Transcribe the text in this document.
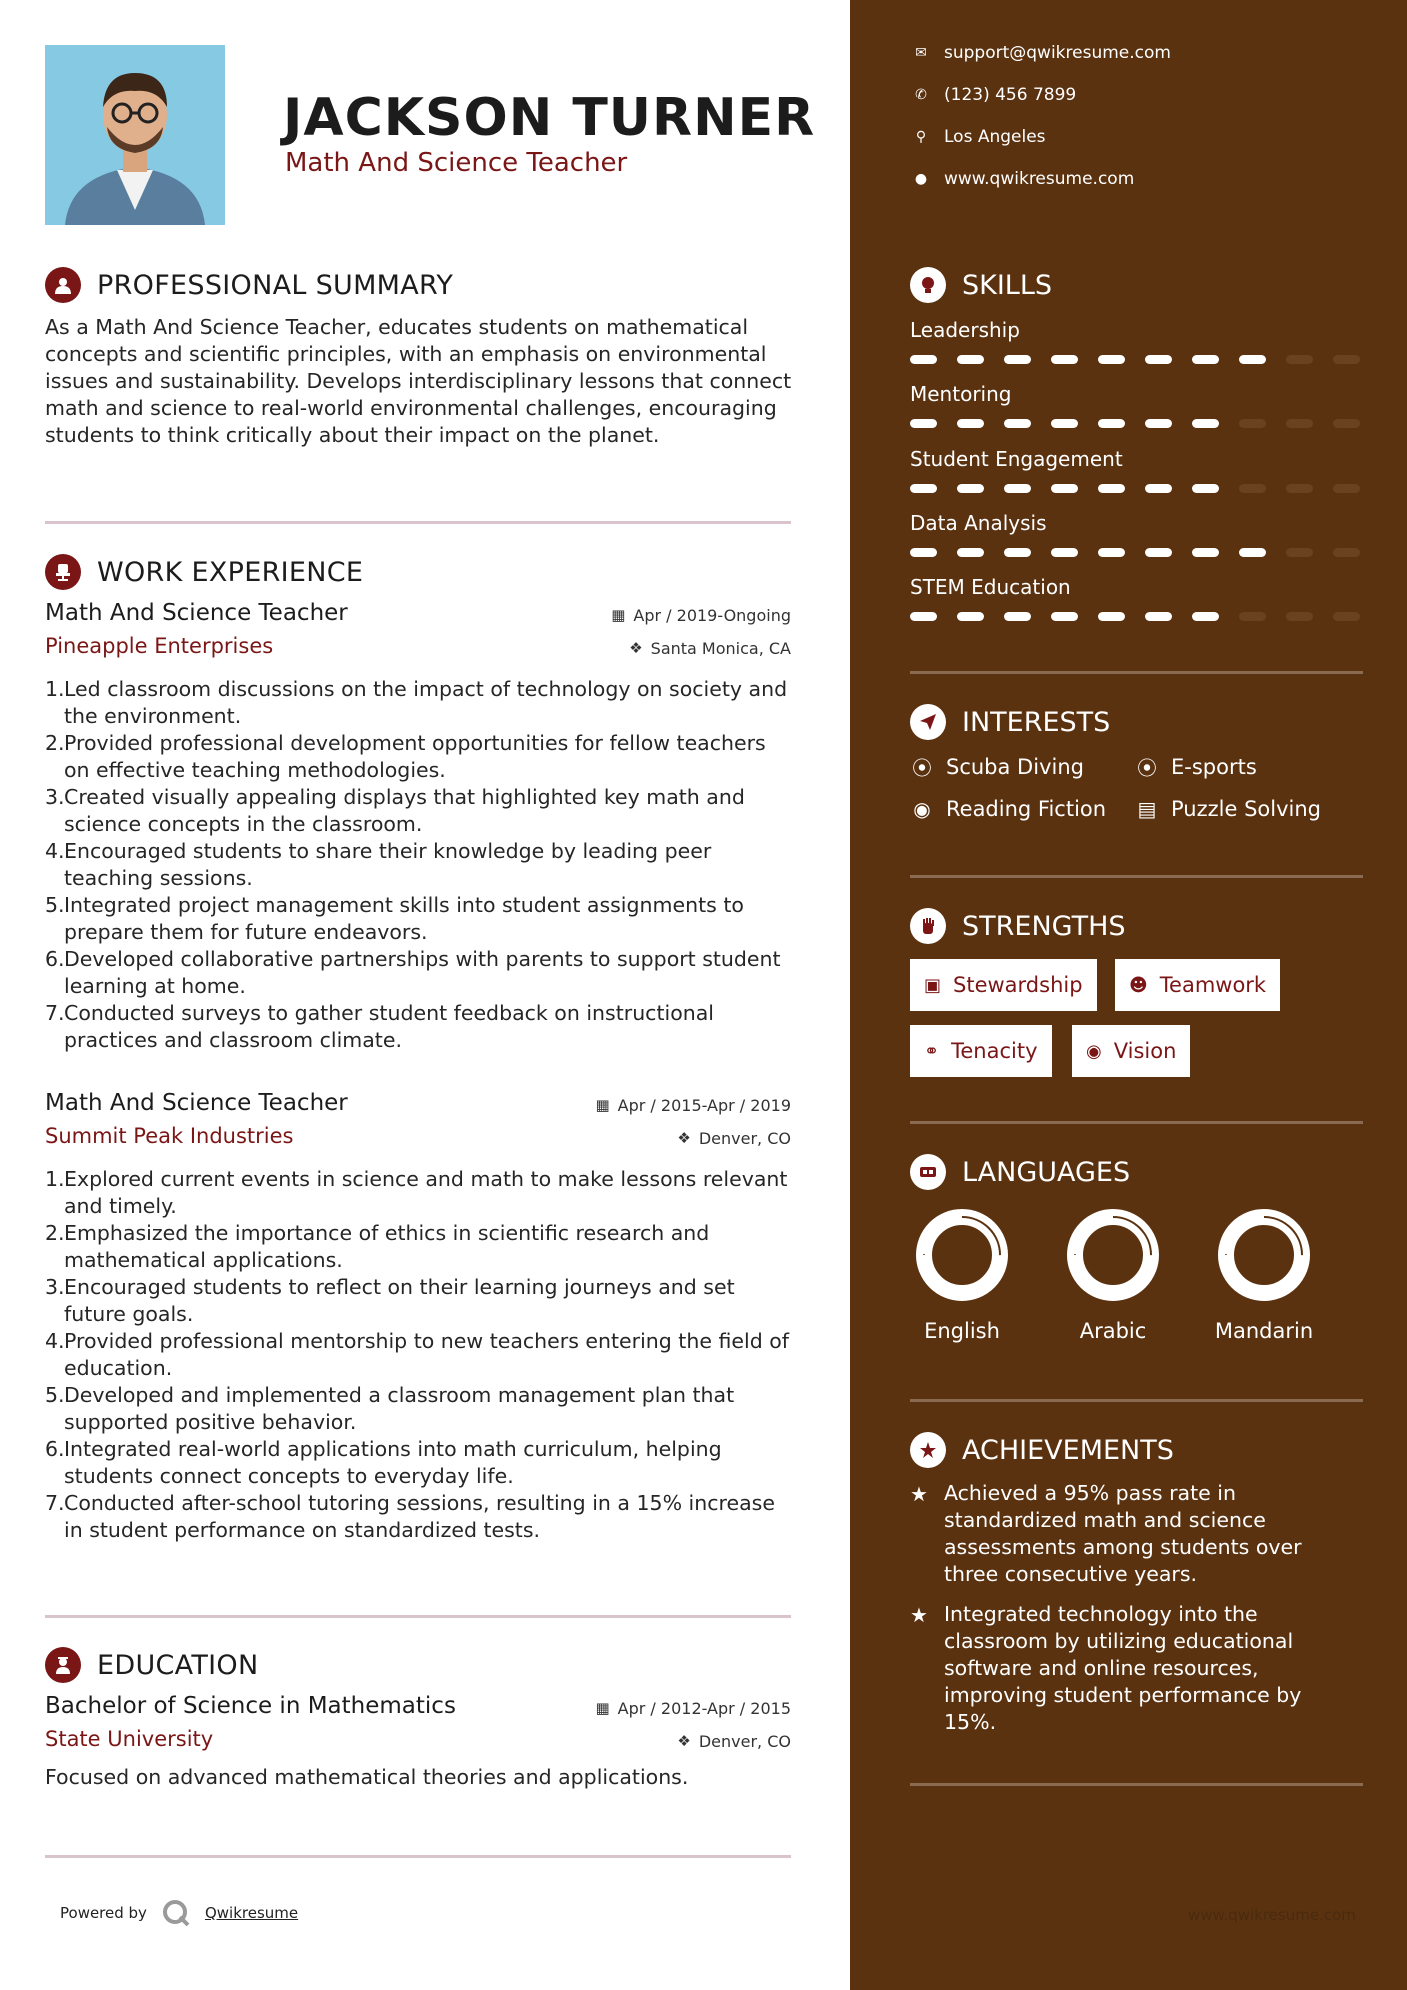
JACKSON TURNER
Math And Science Teacher
PROFESSIONAL SUMMARY
As a Math And Science Teacher, educates students on mathematical concepts and scientific principles, with an emphasis on environmental issues and sustainability. Develops interdisciplinary lessons that connect math and science to real-world environmental challenges, encouraging students to think critically about their impact on the planet.
WORK EXPERIENCE
Math And Science Teacher	▦ Apr / 2019-Ongoing
Pineapple Enterprises	❖ Santa Monica, CA
1. Led classroom discussions on the impact of technology on society and the environment.
2. Provided professional development opportunities for fellow teachers on effective teaching methodologies.
3. Created visually appealing displays that highlighted key math and science concepts in the classroom.
4. Encouraged students to share their knowledge by leading peer teaching sessions.
5. Integrated project management skills into student assignments to prepare them for future endeavors.
6. Developed collaborative partnerships with parents to support student learning at home.
7. Conducted surveys to gather student feedback on instructional practices and classroom climate.
Math And Science Teacher	▦ Apr / 2015-Apr / 2019
Summit Peak Industries	❖ Denver, CO
1. Explored current events in science and math to make lessons relevant and timely.
2. Emphasized the importance of ethics in scientific research and mathematical applications.
3. Encouraged students to reflect on their learning journeys and set future goals.
4. Provided professional mentorship to new teachers entering the field of education.
5. Developed and implemented a classroom management plan that supported positive behavior.
6. Integrated real-world applications into math curriculum, helping students connect concepts to everyday life.
7. Conducted after-school tutoring sessions, resulting in a 15% increase in student performance on standardized tests.
EDUCATION
Bachelor of Science in Mathematics	▦ Apr / 2012-Apr / 2015
State University	❖ Denver, CO
Focused on advanced mathematical theories and applications.
Powered by	Qwikresume
✉	support@qwikresume.com
✆	(123) 456 7899
⚲	Los Angeles
● www.qwikresume.com
SKILLS
Leadership
Mentoring
Student Engagement
Data Analysis
STEM Education
INTERESTS
⦿ Scuba Diving	⦿ E-sports
◉ Reading Fiction ▤ Puzzle Solving
STRENGTHS
▣ Stewardship	☻ Teamwork
⚭ Tenacity	◉ Vision
LANGUAGES
English	Arabic	Mandarin
ACHIEVEMENTS
★ Achieved a 95% pass rate in standardized math and science assessments among students over three consecutive years.
★ Integrated technology into the classroom by utilizing educational software and online resources, improving student performance by 15%.
www.qwikresume.com
